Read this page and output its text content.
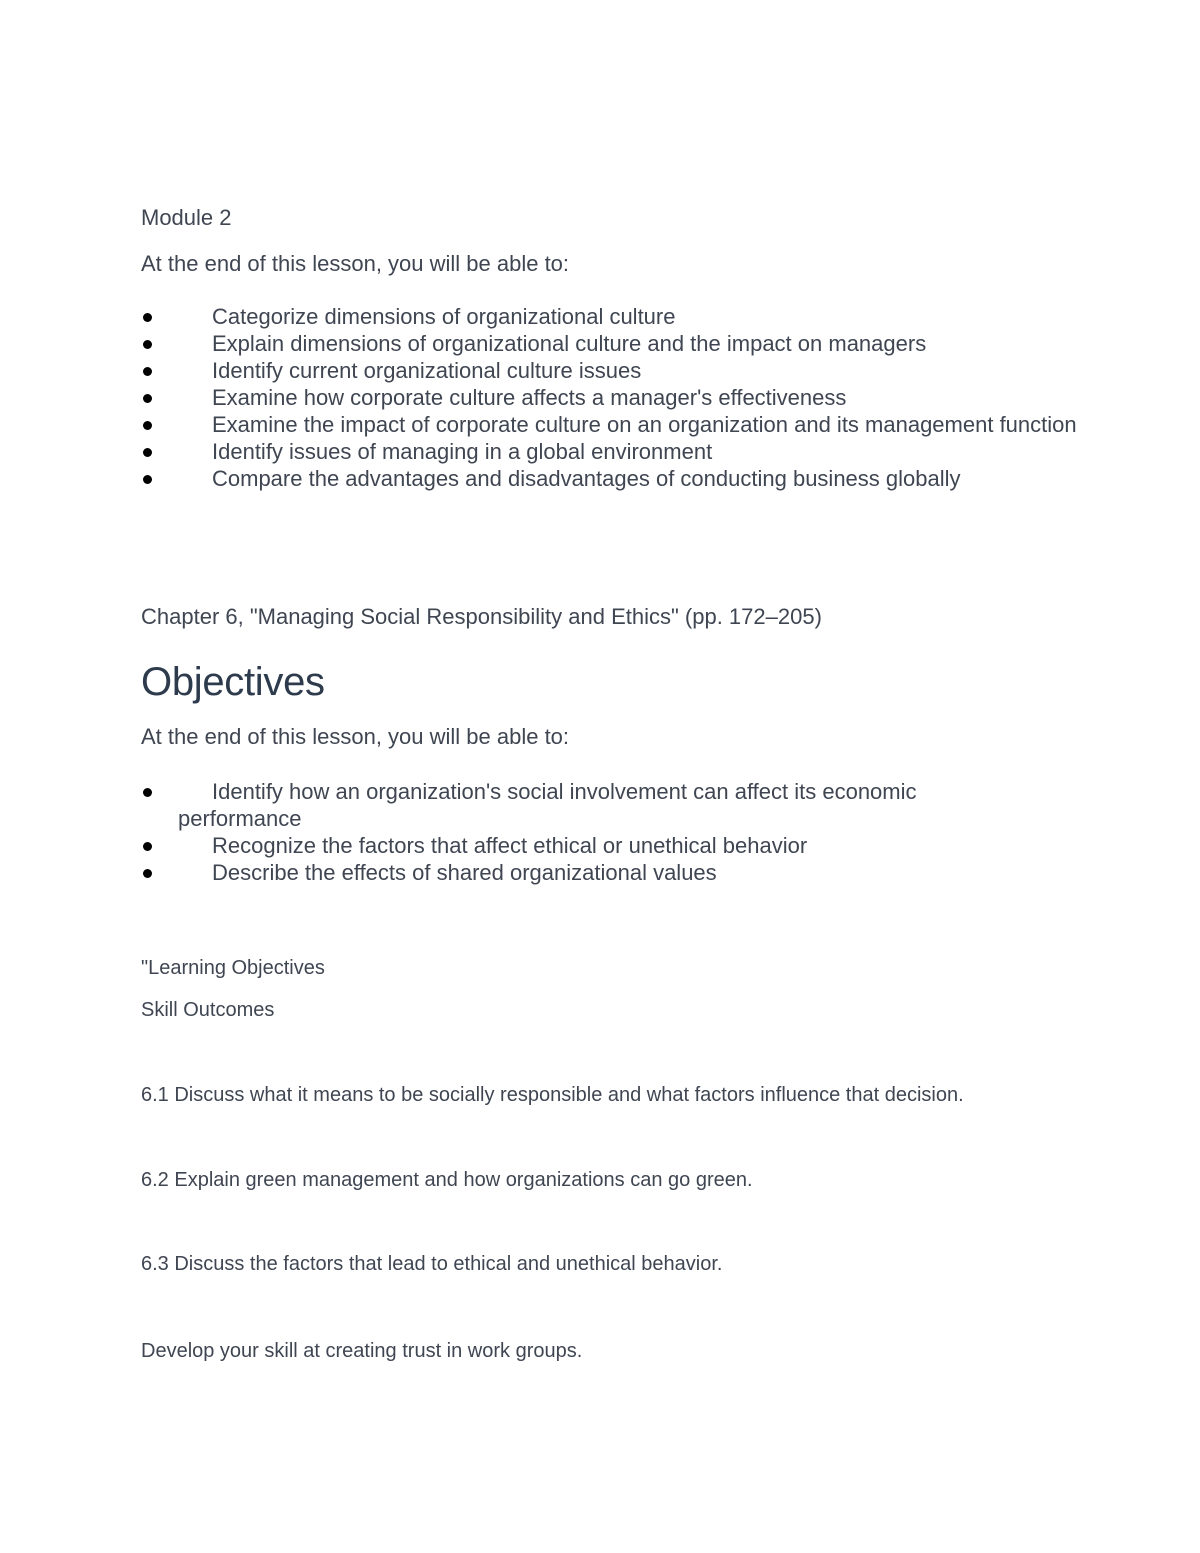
Module 2
At the end of this lesson, you will be able to:
Categorize dimensions of organizational culture
Explain dimensions of organizational culture and the impact on managers
Identify current organizational culture issues
Examine how corporate culture affects a manager's effectiveness
Examine the impact of corporate culture on an organization and its management function
Identify issues of managing in a global environment
Compare the advantages and disadvantages of conducting business globally
Chapter 6, "Managing Social Responsibility and Ethics" (pp. 172–205)
Objectives
At the end of this lesson, you will be able to:
Identify how an organization's social involvement can affect its economic performance
Recognize the factors that affect ethical or unethical behavior
Describe the effects of shared organizational values
"Learning Objectives
Skill Outcomes
6.1 Discuss what it means to be socially responsible and what factors influence that decision.
6.2 Explain green management and how organizations can go green.
6.3 Discuss the factors that lead to ethical and unethical behavior.
Develop your skill at creating trust in work groups.
